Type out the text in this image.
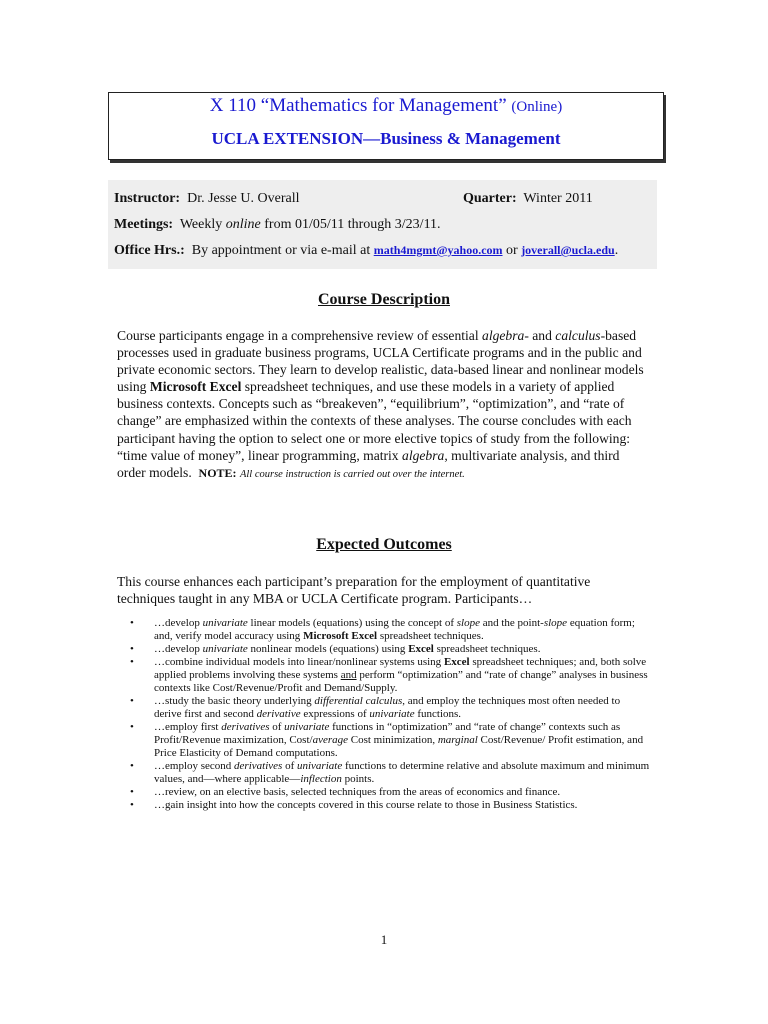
X 110 “Mathematics for Management” (Online)
UCLA EXTENSION—Business & Management
Instructor: Dr. Jesse U. Overall	Quarter: Winter 2011
Meetings: Weekly online from 01/05/11 through 3/23/11.
Office Hrs.: By appointment or via e-mail at math4mgmt@yahoo.com or joverall@ucla.edu.
Course Description
Course participants engage in a comprehensive review of essential algebra- and calculus-based processes used in graduate business programs, UCLA Certificate programs and in the public and private economic sectors. They learn to develop realistic, data-based linear and nonlinear models using Microsoft Excel spreadsheet techniques, and use these models in a variety of applied business contexts. Concepts such as “breakeven”, “equilibrium”, “optimization”, and “rate of change” are emphasized within the contexts of these analyses. The course concludes with each participant having the option to select one or more elective topics of study from the following: “time value of money”, linear programming, matrix algebra, multivariate analysis, and third order models. NOTE: All course instruction is carried out over the internet.
Expected Outcomes
This course enhances each participant’s preparation for the employment of quantitative techniques taught in any MBA or UCLA Certificate program. Participants…
• …develop univariate linear models (equations) using the concept of slope and the point-slope equation form; and, verify model accuracy using Microsoft Excel spreadsheet techniques.
• …develop univariate nonlinear models (equations) using Excel spreadsheet techniques.
• …combine individual models into linear/nonlinear systems using Excel spreadsheet techniques; and, both solve applied problems involving these systems and perform “optimization” and “rate of change” analyses in business contexts like Cost/Revenue/Profit and Demand/Supply.
• …study the basic theory underlying differential calculus, and employ the techniques most often needed to derive first and second derivative expressions of univariate functions.
• …employ first derivatives of univariate functions in “optimization” and “rate of change” contexts such as Profit/Revenue maximization, Cost/average Cost minimization, marginal Cost/Revenue/ Profit estimation, and Price Elasticity of Demand computations.
• …employ second derivatives of univariate functions to determine relative and absolute maximum and minimum values, and—where applicable—inflection points.
• …review, on an elective basis, selected techniques from the areas of economics and finance.
• …gain insight into how the concepts covered in this course relate to those in Business Statistics.
1
